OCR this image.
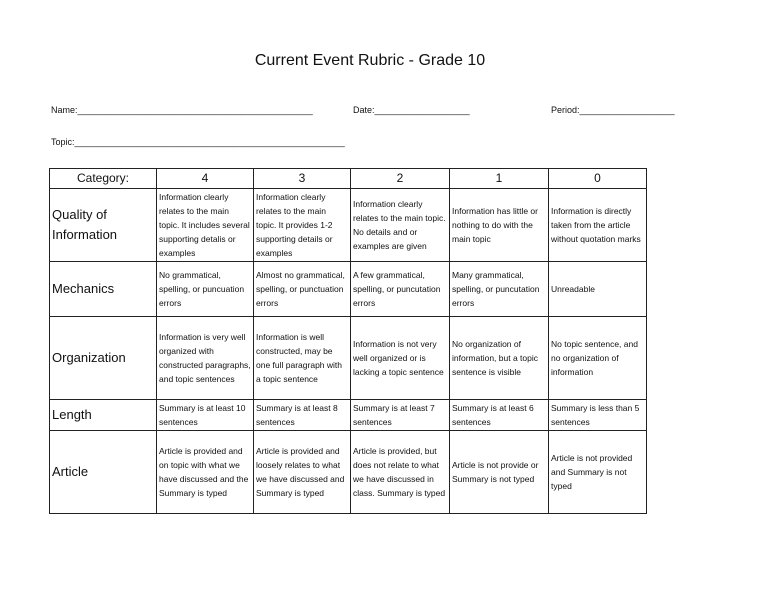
Current Event Rubric - Grade 10
Name:_______________________________________________	Date:___________________	Period:___________________
Topic:______________________________________________________
Category:	4	3	2	1	0
Quality of Information	Information clearly relates to the main topic. It includes several supporting detalis or examples	Information clearly relates to the main topic. It provides 1-2 supporting details or examples	Information clearly relates to the main topic. No details and or examples are given	Information has little or nothing to do with the main topic	Information is directly taken from the article without quotation marks
Mechanics	No grammatical, spelling, or puncuation errors	Almost no grammatical, spelling, or punctuation errors	A few grammatical, spelling, or puncutation errors	Many grammatical, spelling, or puncutation errors	Unreadable
Organization	Information is very well organized with constructed paragraphs, and topic sentences	Information is well constructed, may be one full paragraph with a topic sentence	Information is not very well organized or is lacking a topic sentence	No organization of information, but a topic sentence is visible	No topic sentence, and no organization of information
Length	Summary is at least 10 sentences	Summary is at least 8 sentences	Summary is at least 7 sentences	Summary is at least 6 sentences	Summary is less than 5 sentences
Article	Article is provided and on topic with what we have discussed and the Summary is typed	Article is provided and loosely relates to what we have discussed and Summary is typed	Article is provided, but does not relate to what we have discussed in class. Summary is typed	Article is not provide or Summary is not typed	Article is not provided and Summary is not typed
